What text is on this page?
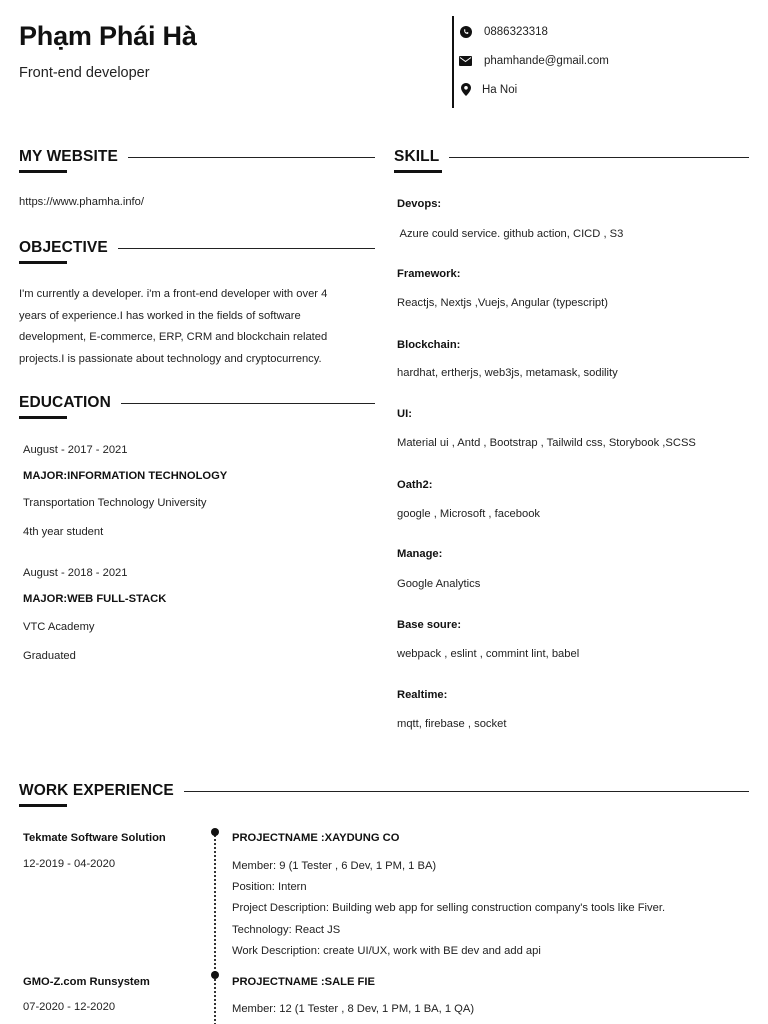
Phạm Phái Hà
Front-end developer
0886323318
phamhande@gmail.com
Ha Noi
MY WEBSITE
https://www.phamha.info/
OBJECTIVE
I'm currently a developer. i'm a front-end developer with over 4
years of experience.I has worked in the fields of software
development, E-commerce, ERP, CRM and blockchain related
projects.I is passionate about technology and cryptocurrency.
EDUCATION
August - 2017 - 2021
MAJOR:INFORMATION TECHNOLOGY
Transportation Technology University
4th year student
August - 2018 - 2021
MAJOR:WEB FULL-STACK
VTC Academy
Graduated
SKILL
Devops:
Azure could service. github action, CICD , S3
Framework:
Reactjs, Nextjs ,Vuejs, Angular (typescript)
Blockchain:
hardhat, ertherjs, web3js, metamask, sodility
UI:
Material ui , Antd , Bootstrap , Tailwild css, Storybook ,SCSS
Oath2:
google , Microsoft , facebook
Manage:
Google Analytics
Base soure:
webpack , eslint , commint lint, babel
Realtime:
mqtt, firebase , socket
WORK EXPERIENCE
Tekmate Software Solution
12-2019 - 04-2020
PROJECTNAME :XAYDUNG CO
Member: 9 (1 Tester , 6 Dev, 1 PM, 1 BA)
Position: Intern
Project Description: Building web app for selling construction company's tools like Fiver.
Technology: React JS
Work Description: create UI/UX, work with BE dev and add api
GMO-Z.com Runsystem
07-2020 - 12-2020
PROJECTNAME :SALE FIE
Member: 12 (1 Tester , 8 Dev, 1 PM, 1 BA, 1 QA)
